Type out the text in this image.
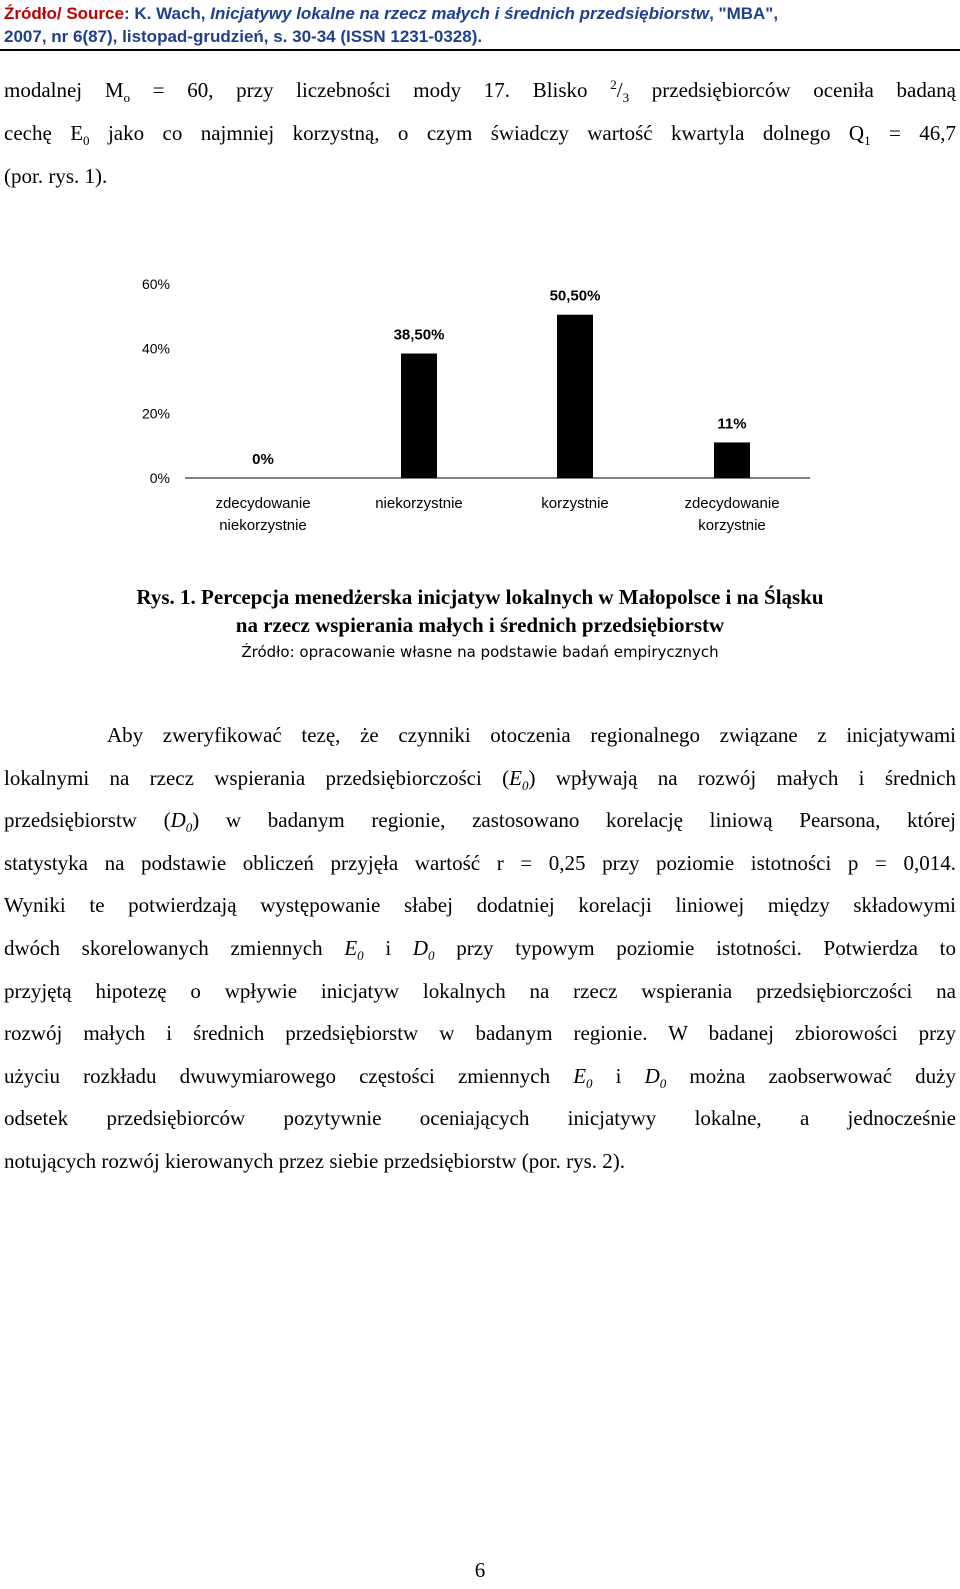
Źródło/ Source: K. Wach, Inicjatywy lokalne na rzecz małych i średnich przedsiębiorstw, "MBA",
2007, nr 6(87), listopad-grudzień, s. 30-34 (ISSN 1231-0328).
modalnej $M_o = 60$, przy liczebności mody 17. Blisko $^2/_3$ przedsiębiorców oceniła badaną
cechę $E_0$ jako co najmniej korzystną, o czym świadczy wartość kwartyla dolnego $Q_1 = 46,7$
(por. rys. 1).
0%
20%
40%
60%
0%
38,50%
50,50%
11%
zdecydowanie
niekorzystnie
niekorzystnie	korzystnie	zdecydowanie
korzystnie
Rys. 1. Percepcja menedżerska inicjatyw lokalnych w Małopolsce i na Śląsku
na rzecz wspierania małych i średnich przedsiębiorstw
Źródło: opracowanie własne na podstawie badań empirycznych
Aby zweryfikować tezę, że czynniki otoczenia regionalnego związane z inicjatywami
lokalnymi na rzecz wspierania przedsiębiorczości $(E_0)$ wpływają na rozwój małych i średnich
przedsiębiorstw $(D_0)$ w badanym regionie, zastosowano korelację liniową Pearsona, której
statystyka na podstawie obliczeń przyjęła wartość r = 0,25 przy poziomie istotności p = 0,014.
Wyniki te potwierdzają występowanie słabej dodatniej korelacji liniowej między składowymi
dwóch skorelowanych zmiennych $E_0$ i $D_0$ przy typowym poziomie istotności. Potwierdza to
przyjętą hipotezę o wpływie inicjatyw lokalnych na rzecz wspierania przedsiębiorczości na
rozwój małych i średnich przedsiębiorstw w badanym regionie. W badanej zbiorowości przy
użyciu rozkładu dwuwymiarowego częstości zmiennych $E_0$ i $D_0$ można zaobserwować duży
odsetek przedsiębiorców pozytywnie oceniających inicjatywy lokalne, a jednocześnie
notujących rozwój kierowanych przez siebie przedsiębiorstw (por. rys. 2).
6
